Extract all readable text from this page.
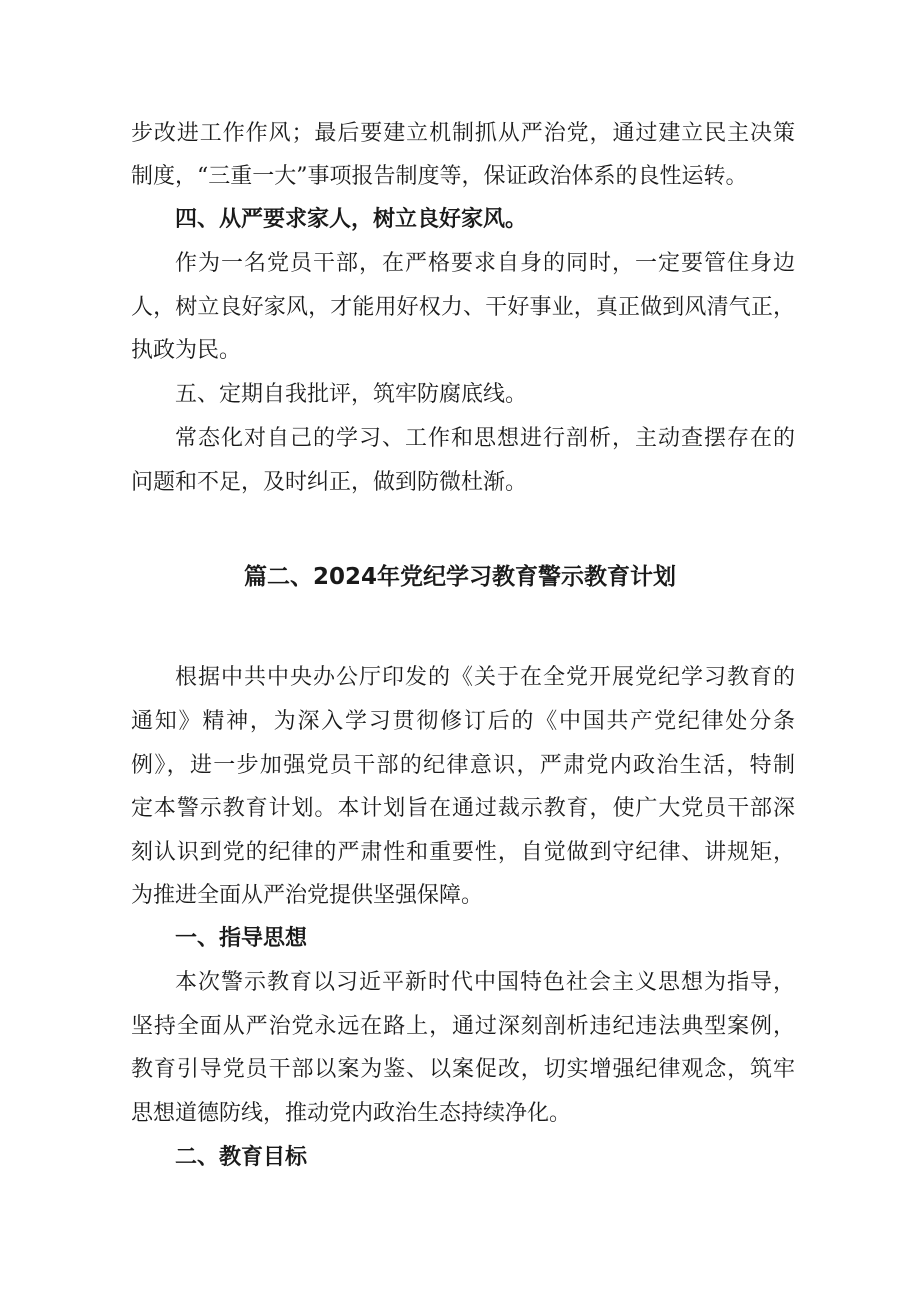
步改进工作作风；最后要建立机制抓从严治党，通过建立民主决策
制度，“三重一大”事项报告制度等，保证政治体系的良性运转。
四、从严要求家人，树立良好家风。
作为一名党员干部，在严格要求自身的同时，一定要管住身边
人，树立良好家风，才能用好权力、干好事业，真正做到风清气正，
执政为民。
五、定期自我批评，筑牢防腐底线。
常态化对自己的学习、工作和思想进行剖析，主动查摆存在的
问题和不足，及时纠正，做到防微杜渐。
篇二、2024年党纪学习教育警示教育计划
根据中共中央办公厅印发的《关于在全党开展党纪学习教育的
通知》精神，为深入学习贯彻修订后的《中国共产党纪律处分条
例》，进一步加强党员干部的纪律意识，严肃党内政治生活，特制
定本警示教育计划。本计划旨在通过裁示教育，使广大党员干部深
刻认识到党的纪律的严肃性和重要性，自觉做到守纪律、讲规矩，
为推进全面从严治党提供坚强保障。
一、指导思想
本次警示教育以习近平新时代中国特色社会主义思想为指导，
坚持全面从严治党永远在路上，通过深刻剖析违纪违法典型案例，
教育引导党员干部以案为鉴、以案促改，切实增强纪律观念，筑牢
思想道德防线，推动党内政治生态持续净化。
二、教育目标
